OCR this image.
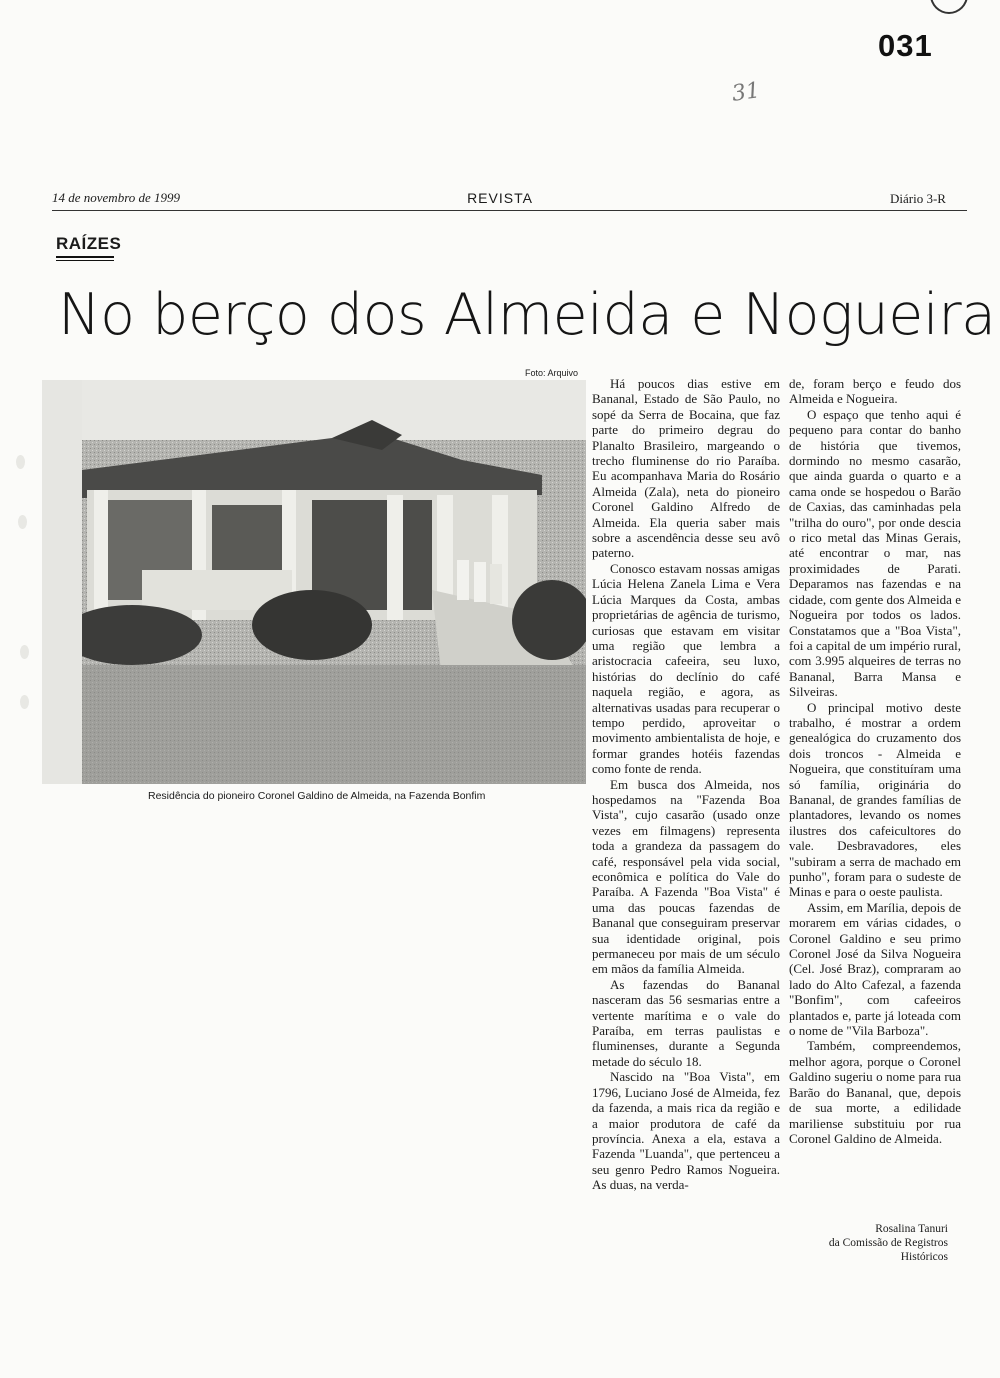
031
31
14 de novembro de 1999	REVISTA	Diário 3-R
RAÍZES
No berço dos Almeida e Nogueira
Foto: Arquivo
Residência do pioneiro Coronel Galdino de Almeida, na Fazenda Bonfim

Há poucos dias estive em Bananal, Estado de São Paulo, no sopé da Serra de Bocaina, que faz parte do primeiro degrau do Planalto Brasileiro, margeando o trecho fluminense do rio Paraíba. Eu acompanhava Maria do Rosário Almeida (Zala), neta do pioneiro Coronel Galdino Alfredo de Almeida. Ela queria saber mais sobre a ascendência desse seu avô paterno.

Conosco estavam nossas amigas Lúcia Helena Zanela Lima e Vera Lúcia Marques da Costa, ambas proprietárias de agência de turismo, curiosas que estavam em visitar uma região que lembra a aristocracia cafeeira, seu luxo, histórias do declínio do café naquela região, e agora, as alternativas usadas para recuperar o tempo perdido, aproveitar o movimento ambientalista de hoje, e formar grandes hotéis fazendas como fonte de renda.

Em busca dos Almeida, nos hospedamos na "Fazenda Boa Vista", cujo casarão (usado onze vezes em filmagens) representa toda a grandeza da passagem do café, responsável pela vida social, econômica e política do Vale do Paraíba. A Fazenda "Boa Vista" é uma das poucas fazendas de Bananal que conseguiram preservar sua identidade original, pois permaneceu por mais de um século em mãos da família Almeida.

As fazendas do Bananal nasceram das 56 sesmarias entre a vertente marítima e o vale do Paraíba, em terras paulistas e fluminenses, durante a Segunda metade do século 18.

Nascido na "Boa Vista", em 1796, Luciano José de Almeida, fez da fazenda, a mais rica da região e a maior produtora de café da província. Anexa a ela, estava a Fazenda "Luanda", que pertenceu a seu genro Pedro Ramos Nogueira. As duas, na verda-

de, foram berço e feudo dos Almeida e Nogueira.

O espaço que tenho aqui é pequeno para contar do banho de história que tivemos, dormindo no mesmo casarão, que ainda guarda o quarto e a cama onde se hospedou o Barão de Caxias, das caminhadas pela "trilha do ouro", por onde descia o rico metal das Minas Gerais, até encontrar o mar, nas proximidades de Parati. Deparamos nas fazendas e na cidade, com gente dos Almeida e Nogueira por todos os lados. Constatamos que a "Boa Vista", foi a capital de um império rural, com 3.995 alqueires de terras no Bananal, Barra Mansa e Silveiras.

O principal motivo deste trabalho, é mostrar a ordem genealógica do cruzamento dos dois troncos - Almeida e Nogueira, que constituíram uma só família, originária do Bananal, de grandes famílias de plantadores, levando os nomes ilustres dos cafeicultores do vale. Desbravadores, eles "subiram a serra de machado em punho", foram para o sudeste de Minas e para o oeste paulista.

Assim, em Marília, depois de morarem em várias cidades, o Coronel Galdino e seu primo Coronel José da Silva Nogueira (Cel. José Braz), compraram ao lado do Alto Cafezal, a fazenda "Bonfim", com cafeeiros plantados e, parte já loteada com o nome de "Vila Barboza".

Também, compreendemos, melhor agora, porque o Coronel Galdino sugeriu o nome para rua Barão do Bananal, que, depois de sua morte, a edilidade mariliense substituiu por rua Coronel Galdino de Almeida.

Rosalina Tanuri
da Comissão de Registros
Históricos
